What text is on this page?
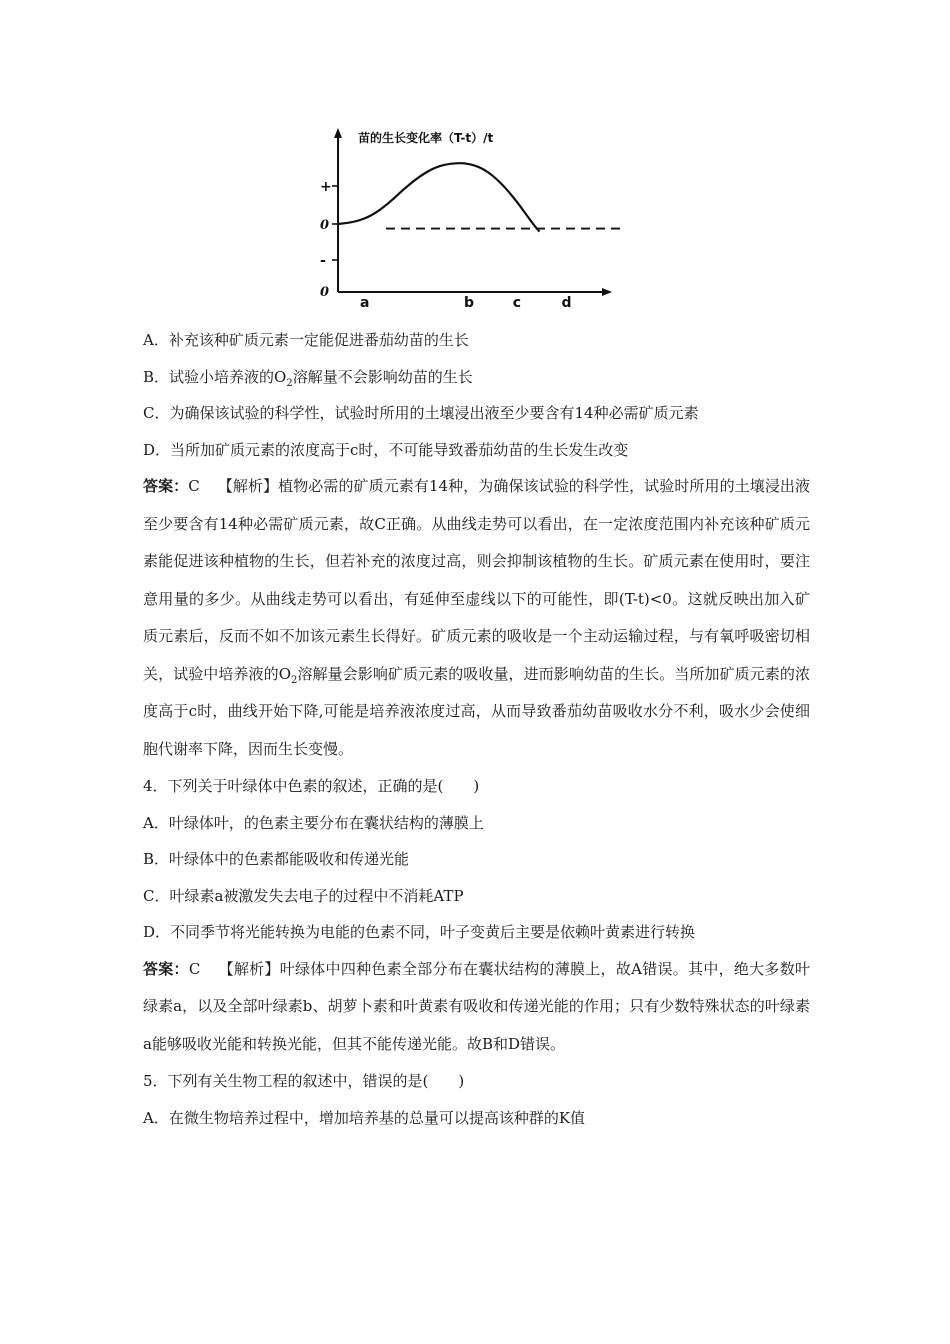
苗的生长变化率（T-t）/t
+
0
-
0
a	b	c	d
A．补充该种矿质元素一定能促进番茄幼苗的生长
B．试验小培养液的$O_2$溶解量不会影响幼苗的生长
C．为确保该试验的科学性，试验时所用的土壤浸出液至少要含有14种必需矿质元素
D．当所加矿质元素的浓度高于c时，不可能导致番茄幼苗的生长发生改变
答案：C 【解析】植物必需的矿质元素有14种，为确保该试验的科学性，试验时所用的土壤浸出液至少要含有14种必需矿质元素，故C正确。从曲线走势可以看出，在一定浓度范围内补充该种矿质元素能促进该种植物的生长，但若补充的浓度过高，则会抑制该植物的生长。矿质元素在使用时，要注意用量的多少。从曲线走势可以看出，有延伸至虚线以下的可能性，即(T-t)<0。这就反映出加入矿质元素后，反而不如不加该元素生长得好。矿质元素的吸收是一个主动运输过程，与有氧呼吸密切相关，试验中培养液的$O_2$溶解量会影响矿质元素的吸收量，进而影响幼苗的生长。当所加矿质元素的浓度高于c时，曲线开始下降,可能是培养液浓度过高，从而导致番茄幼苗吸收水分不利，吸水少会使细胞代谢率下降，因而生长变慢。
4．下列关于叶绿体中色素的叙述，正确的是(　　)
A．叶绿体叶，的色素主要分布在囊状结构的薄膜上
B．叶绿体中的色素都能吸收和传递光能
C．叶绿素a被激发失去电子的过程中不消耗ATP
D．不同季节将光能转换为电能的色素不同，叶子变黄后主要是依赖叶黄素进行转换
答案：C 【解析】叶绿体中四种色素全部分布在囊状结构的薄膜上，故A错误。其中，绝大多数叶绿素a，以及全部叶绿素b、胡萝卜素和叶黄素有吸收和传递光能的作用；只有少数特殊状态的叶绿素a能够吸收光能和转换光能，但其不能传递光能。故B和D错误。
5．下列有关生物工程的叙述中，错误的是(　　)
A．在微生物培养过程中，增加培养基的总量可以提高该种群的K值
